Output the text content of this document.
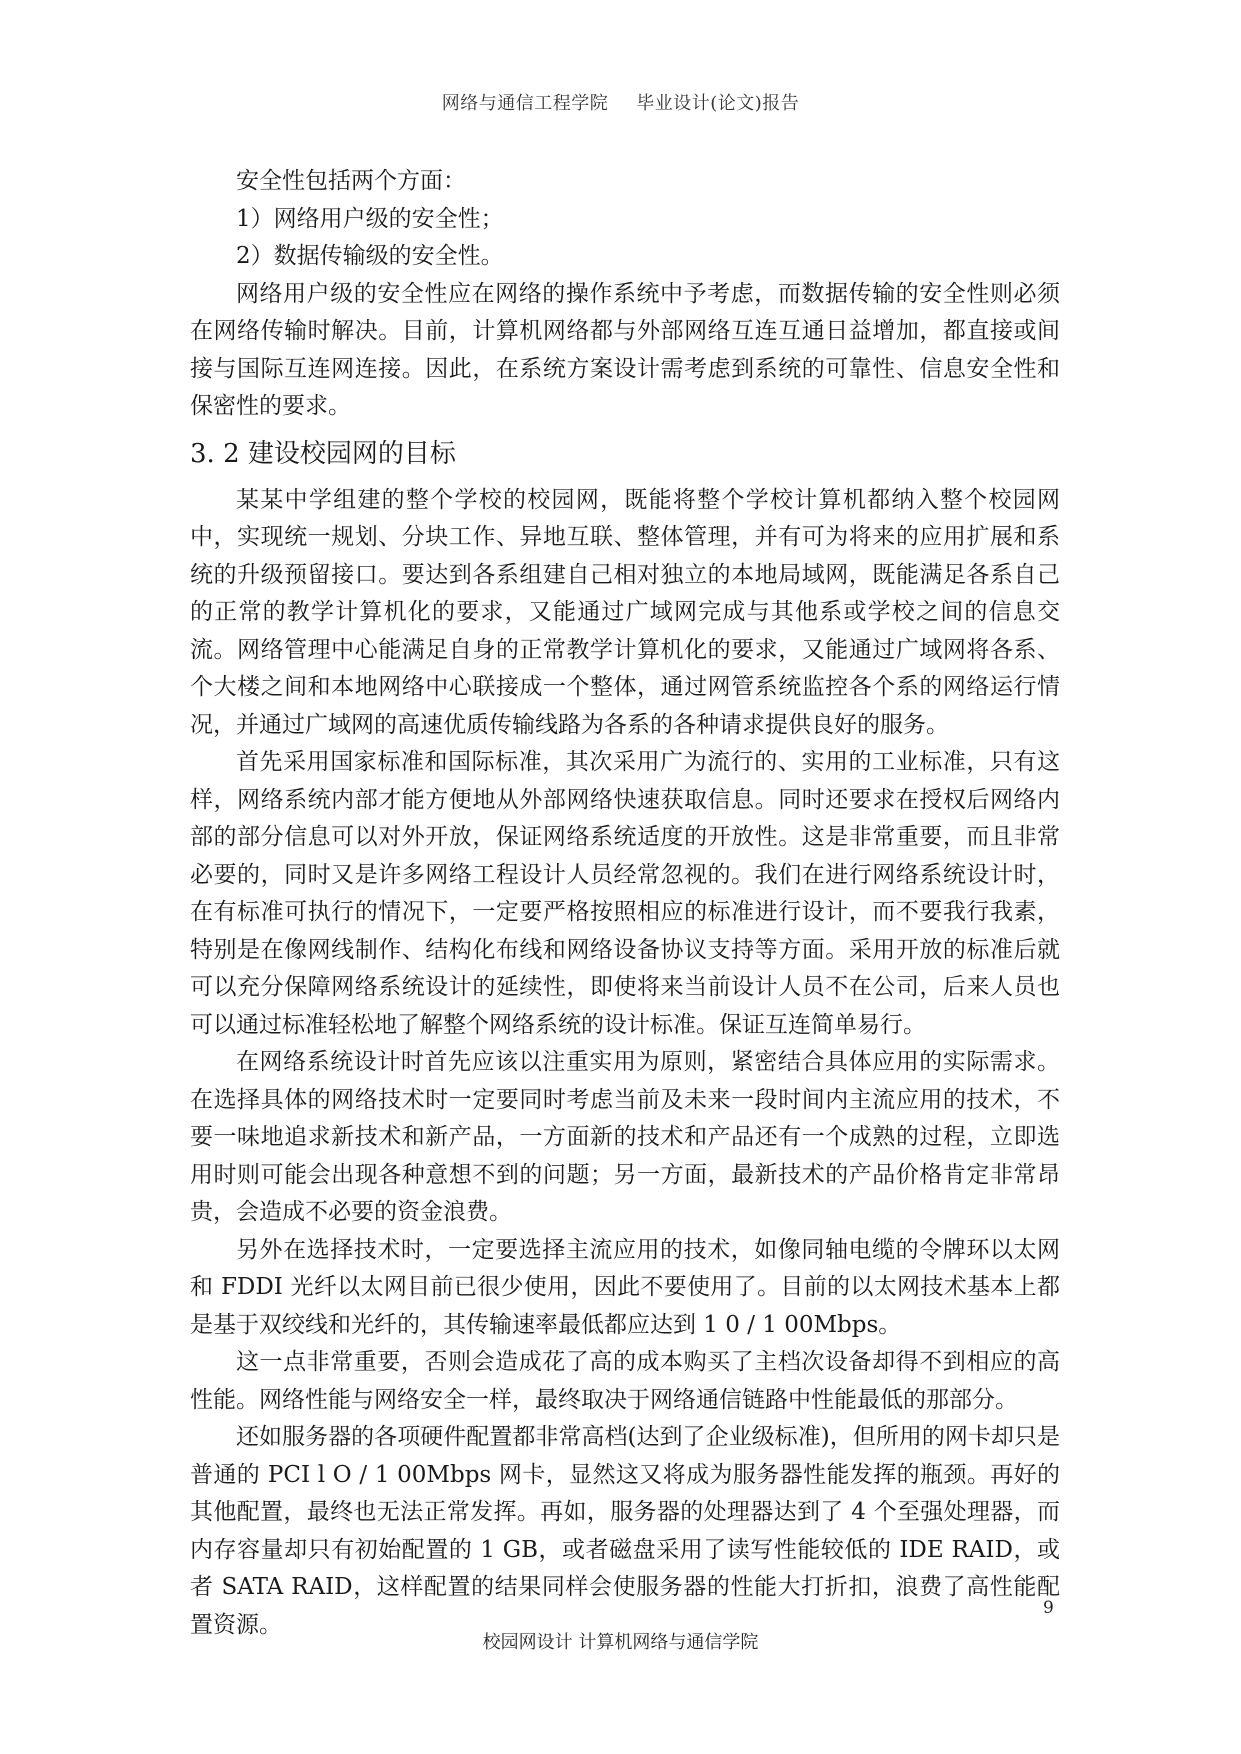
网络与通信工程学院 毕业设计(论文)报告

安全性包括两个方面：

1）网络用户级的安全性；

2）数据传输级的安全性。

网络用户级的安全性应在网络的操作系统中予考虑，而数据传输的安全性则必须在网络传输时解决。目前，计算机网络都与外部网络互连互通日益增加，都直接或间接与国际互连网连接。因此，在系统方案设计需考虑到系统的可靠性、信息安全性和保密性的要求。

3. 2 建设校园网的目标

某某中学组建的整个学校的校园网，既能将整个学校计算机都纳入整个校园网中，实现统一规划、分块工作、异地互联、整体管理，并有可为将来的应用扩展和系统的升级预留接口。要达到各系组建自己相对独立的本地局域网，既能满足各系自己的正常的教学计算机化的要求，又能通过广域网完成与其他系或学校之间的信息交流。网络管理中心能满足自身的正常教学计算机化的要求，又能通过广域网将各系、个大楼之间和本地网络中心联接成一个整体，通过网管系统监控各个系的网络运行情况，并通过广域网的高速优质传输线路为各系的各种请求提供良好的服务。

首先采用国家标准和国际标准，其次采用广为流行的、实用的工业标准，只有这样，网络系统内部才能方便地从外部网络快速获取信息。同时还要求在授权后网络内部的部分信息可以对外开放，保证网络系统适度的开放性。这是非常重要，而且非常必要的，同时又是许多网络工程设计人员经常忽视的。我们在进行网络系统设计时，在有标准可执行的情况下，一定要严格按照相应的标准进行设计，而不要我行我素，特别是在像网线制作、结构化布线和网络设备协议支持等方面。采用开放的标准后就可以充分保障网络系统设计的延续性，即使将来当前设计人员不在公司，后来人员也可以通过标准轻松地了解整个网络系统的设计标准。保证互连简单易行。

在网络系统设计时首先应该以注重实用为原则，紧密结合具体应用的实际需求。在选择具体的网络技术时一定要同时考虑当前及未来一段时间内主流应用的技术，不要一味地追求新技术和新产品，一方面新的技术和产品还有一个成熟的过程，立即选用时则可能会出现各种意想不到的问题；另一方面，最新技术的产品价格肯定非常昂贵，会造成不必要的资金浪费。

另外在选择技术时，一定要选择主流应用的技术，如像同轴电缆的令牌环以太网和 FDDI 光纤以太网目前已很少使用，因此不要使用了。目前的以太网技术基本上都是基于双绞线和光纤的，其传输速率最低都应达到 1 0 / 1 00Mbps。

这一点非常重要，否则会造成花了高的成本购买了主档次设备却得不到相应的高性能。网络性能与网络安全一样，最终取决于网络通信链路中性能最低的那部分。

还如服务器的各项硬件配置都非常高档(达到了企业级标准)，但所用的网卡却只是普通的 PCI l O / 1 00Mbps 网卡，显然这又将成为服务器性能发挥的瓶颈。再好的其他配置，最终也无法正常发挥。再如，服务器的处理器达到了 4 个至强处理器，而内存容量却只有初始配置的 1 GB，或者磁盘采用了读写性能较低的 IDE RAID，或者 SATA RAID，这样配置的结果同样会使服务器的性能大打折扣，浪费了高性能配置资源。

9
校园网设计 计算机网络与通信学院
